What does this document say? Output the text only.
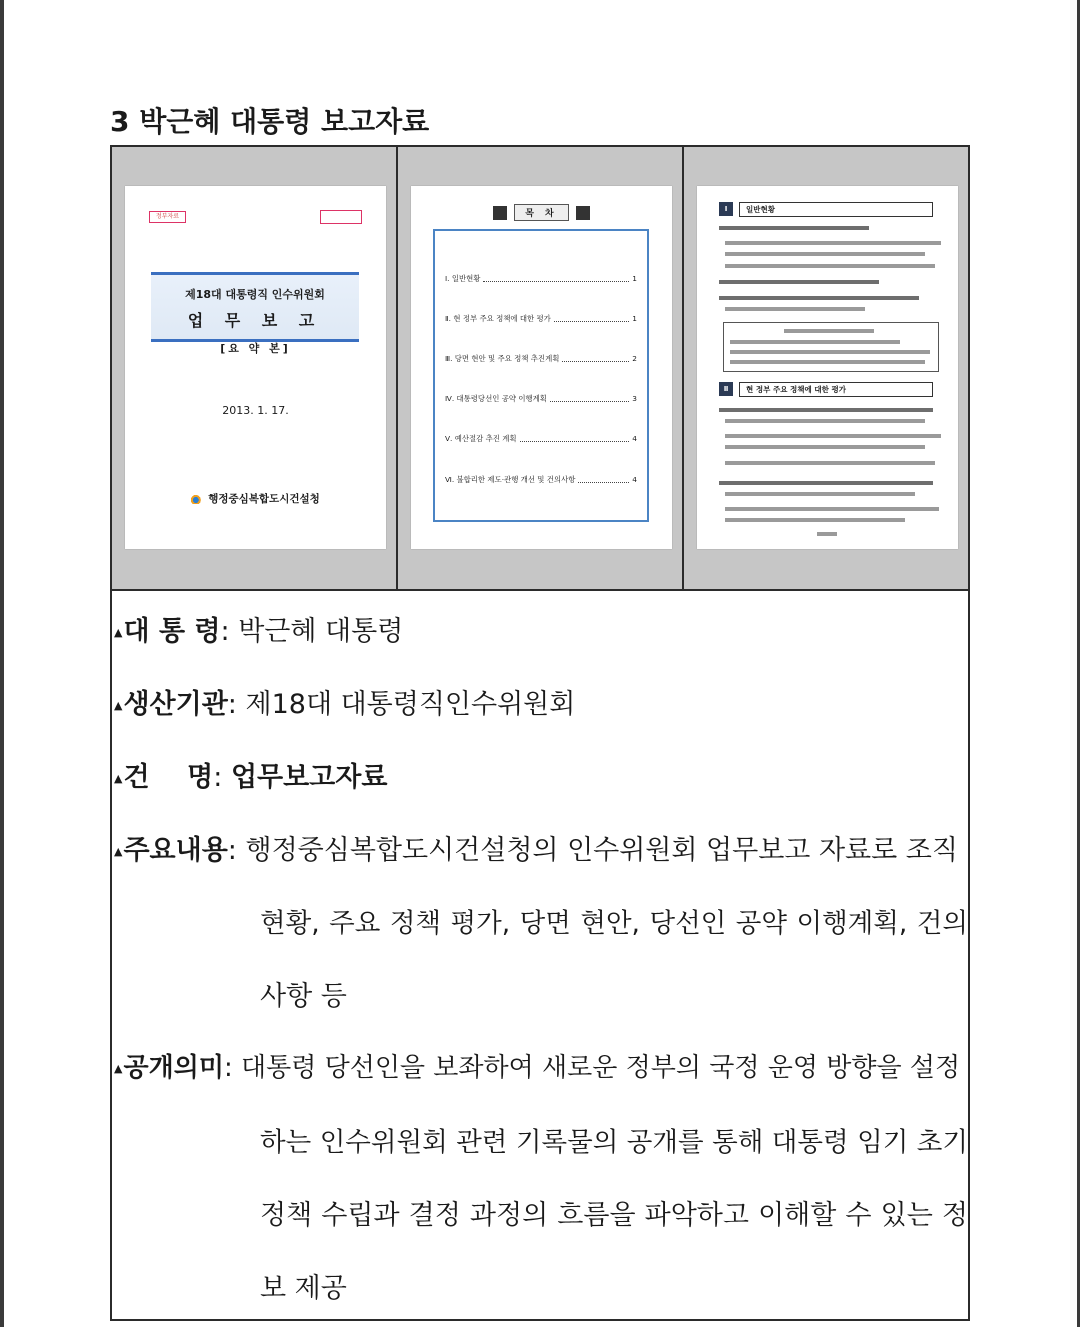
3 박근혜 대통령 보고자료
정부자료
제18대 대통령직 인수위원회
업 무 보 고
[요 약 본]
2013. 1. 17.
행정중심복합도시건설청
목 차
Ⅰ. 일반현황	1
Ⅱ. 현 정부 주요 정책에 대한 평가	1
Ⅲ. 당면 현안 및 주요 정책 추진계획	2
Ⅳ. 대통령당선인 공약 이행계획	3
Ⅴ. 예산절감 추진 계획	4
Ⅵ. 불합리한 제도·관행 개선 및 건의사항	4
Ⅰ	일반현황
Ⅱ	현 정부 주요 정책에 대한 평가
▲대 통 령: 박근혜 대통령
▲생산기관: 제18대 대통령직인수위원회
▲건    명: 업무보고자료
▲주요내용: 행정중심복합도시건설청의 인수위원회 업무보고 자료로 조직
현황, 주요 정책 평가, 당면 현안, 당선인 공약 이행계획, 건의
사항 등
▲공개의미: 대통령 당선인을 보좌하여 새로운 정부의 국정 운영 방향을 설정
하는 인수위원회 관련 기록물의 공개를 통해 대통령 임기 초기
정책 수립과 결정 과정의 흐름을 파악하고 이해할 수 있는 정
보 제공
